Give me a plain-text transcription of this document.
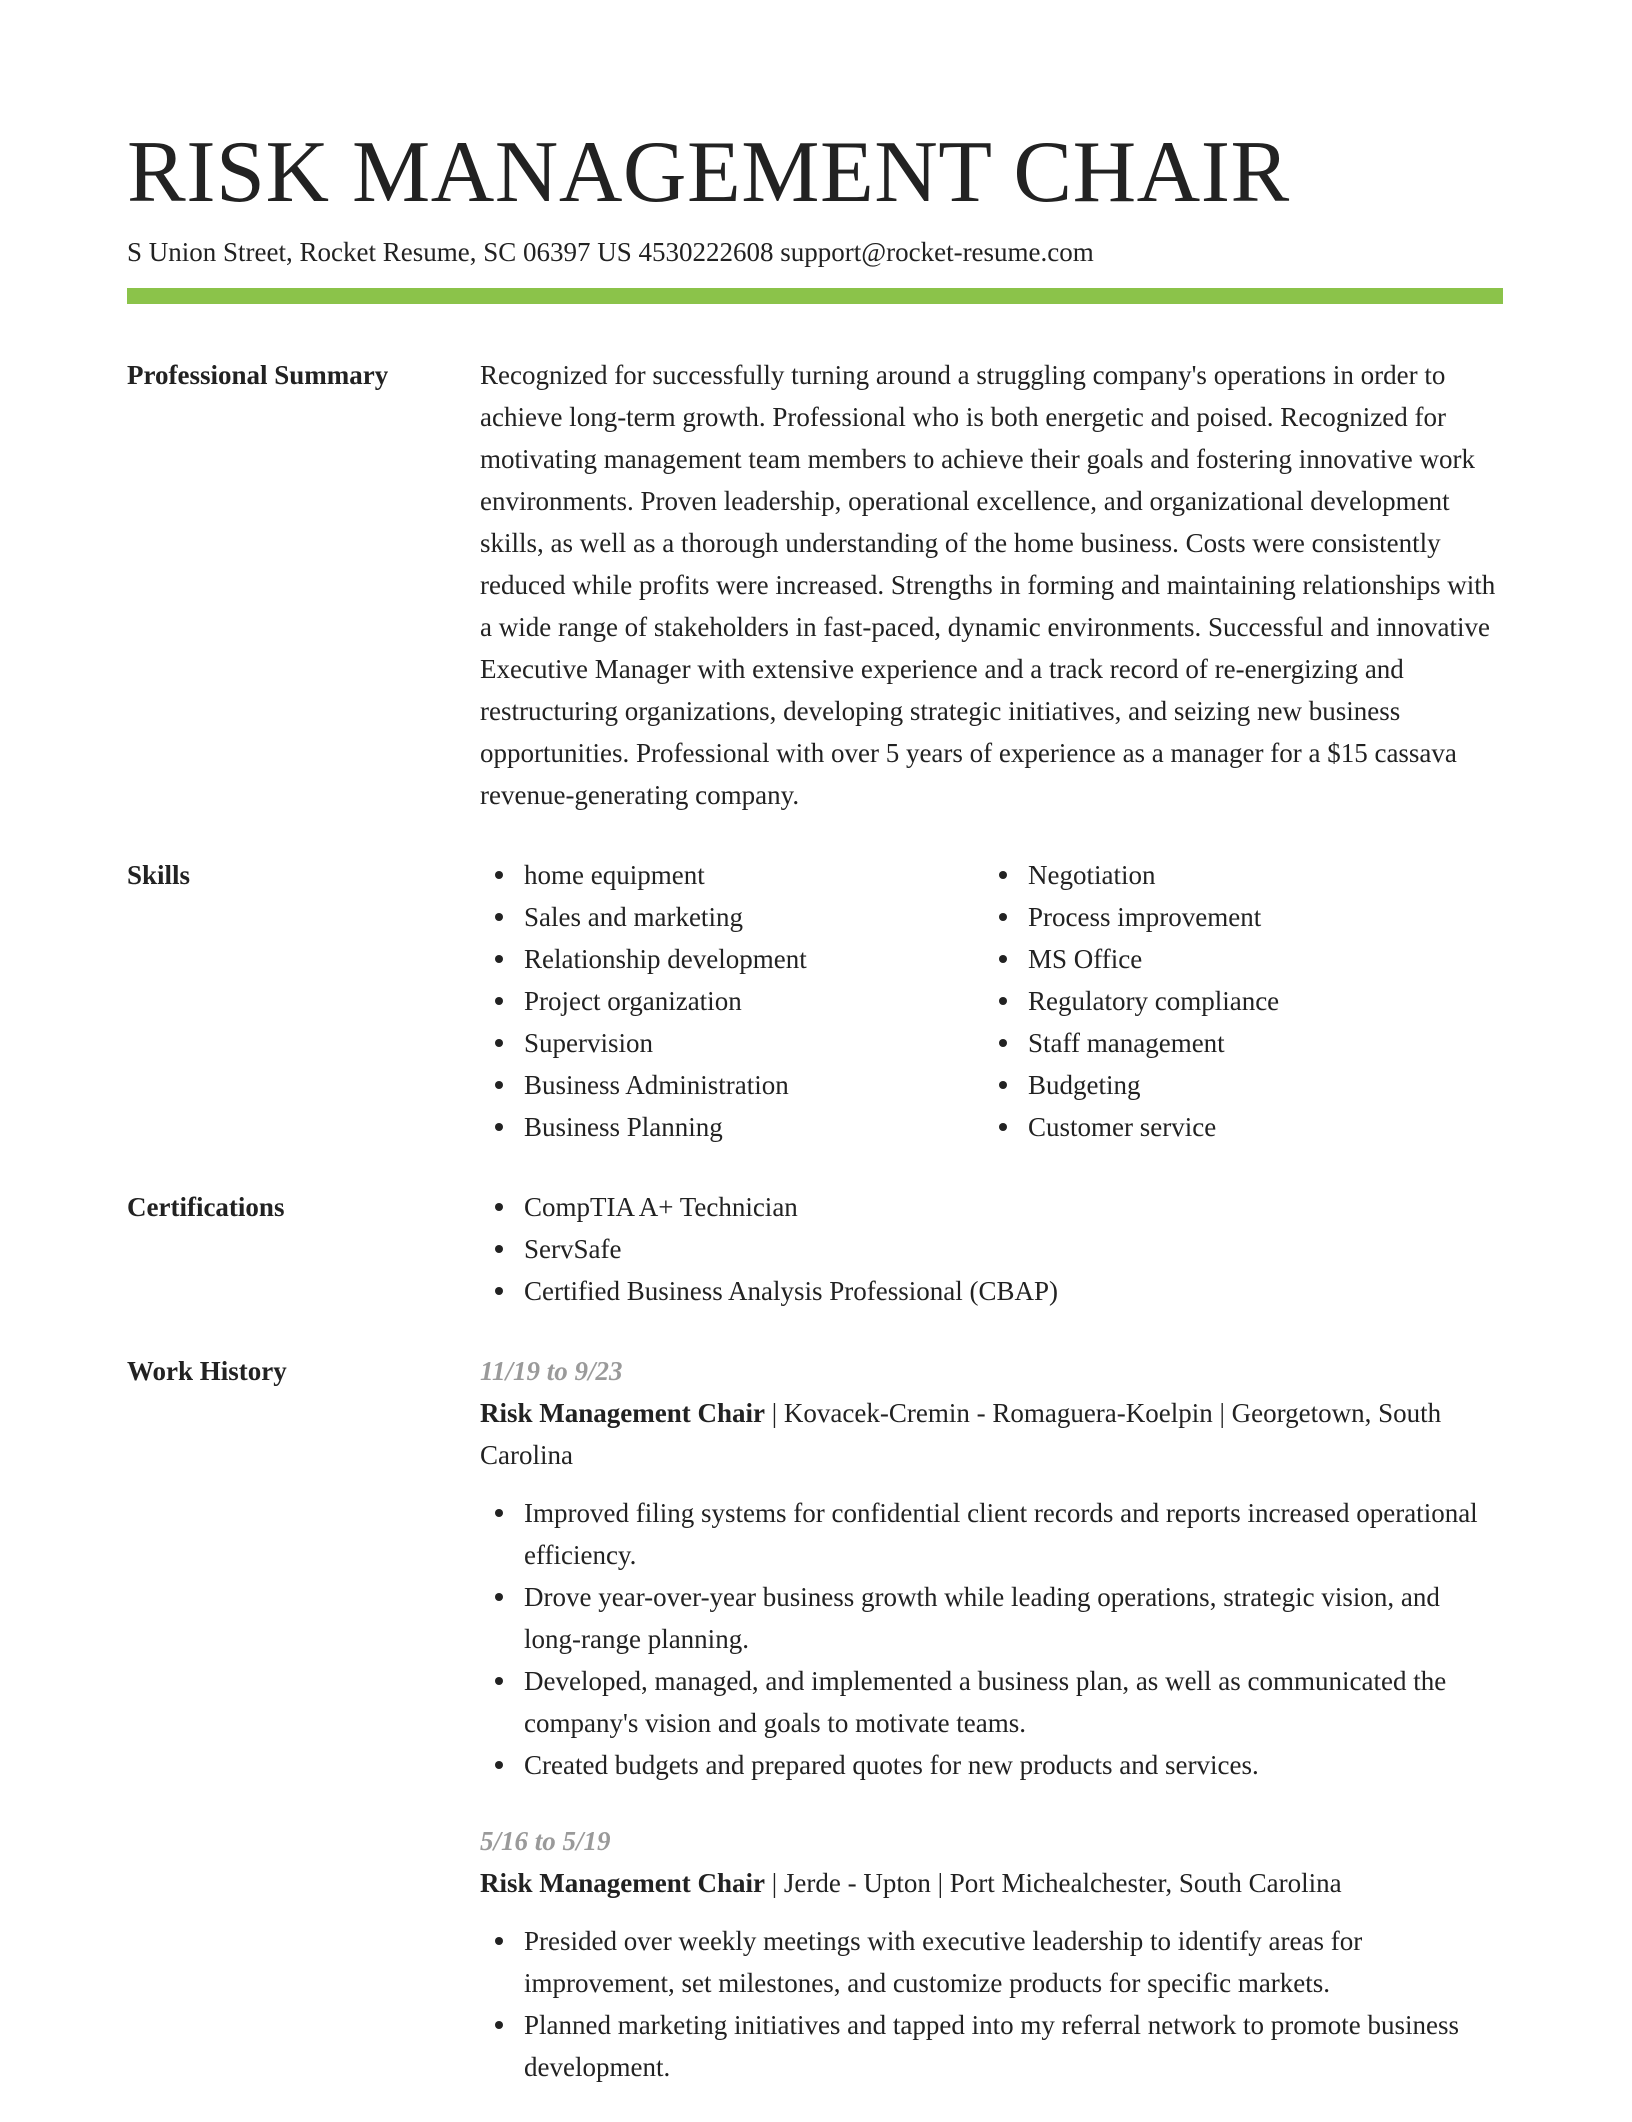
RISK MANAGEMENT CHAIR
S Union Street, Rocket Resume, SC 06397 US 4530222608 support@rocket-resume.com
Professional Summary	Recognized for successfully turning around a struggling company's operations in order to achieve long-term growth. Professional who is both energetic and poised. Recognized for motivating management team members to achieve their goals and fostering innovative work environments. Proven leadership, operational excellence, and organizational development skills, as well as a thorough understanding of the home business. Costs were consistently reduced while profits were increased. Strengths in forming and maintaining relationships with a wide range of stakeholders in fast-paced, dynamic environments. Successful and innovative Executive Manager with extensive experience and a track record of re-energizing and restructuring organizations, developing strategic initiatives, and seizing new business opportunities. Professional with over 5 years of experience as a manager for a $15 cassava revenue-generating company.

Skills	home equipment
Sales and marketing
Relationship development
Project organization
Supervision
Business Administration
Business Planning
Negotiation
Process improvement
MS Office
Regulatory compliance
Staff management
Budgeting
Customer service
Certifications	CompTIA A+ Technician
ServSafe
Certified Business Analysis Professional (CBAP)
Work History	11/19 to 9/23
Risk Management Chair | Kovacek-Cremin - Romaguera-Koelpin | Georgetown, South Carolina
Improved filing systems for confidential client records and reports increased operational efficiency.
Drove year-over-year business growth while leading operations, strategic vision, and long-range planning.
Developed, managed, and implemented a business plan, as well as communicated the company's vision and goals to motivate teams.
Created budgets and prepared quotes for new products and services.
5/16 to 5/19
Risk Management Chair | Jerde - Upton | Port Michealchester, South Carolina
Presided over weekly meetings with executive leadership to identify areas for improvement, set milestones, and customize products for specific markets.
Planned marketing initiatives and tapped into my referral network to promote business development.
